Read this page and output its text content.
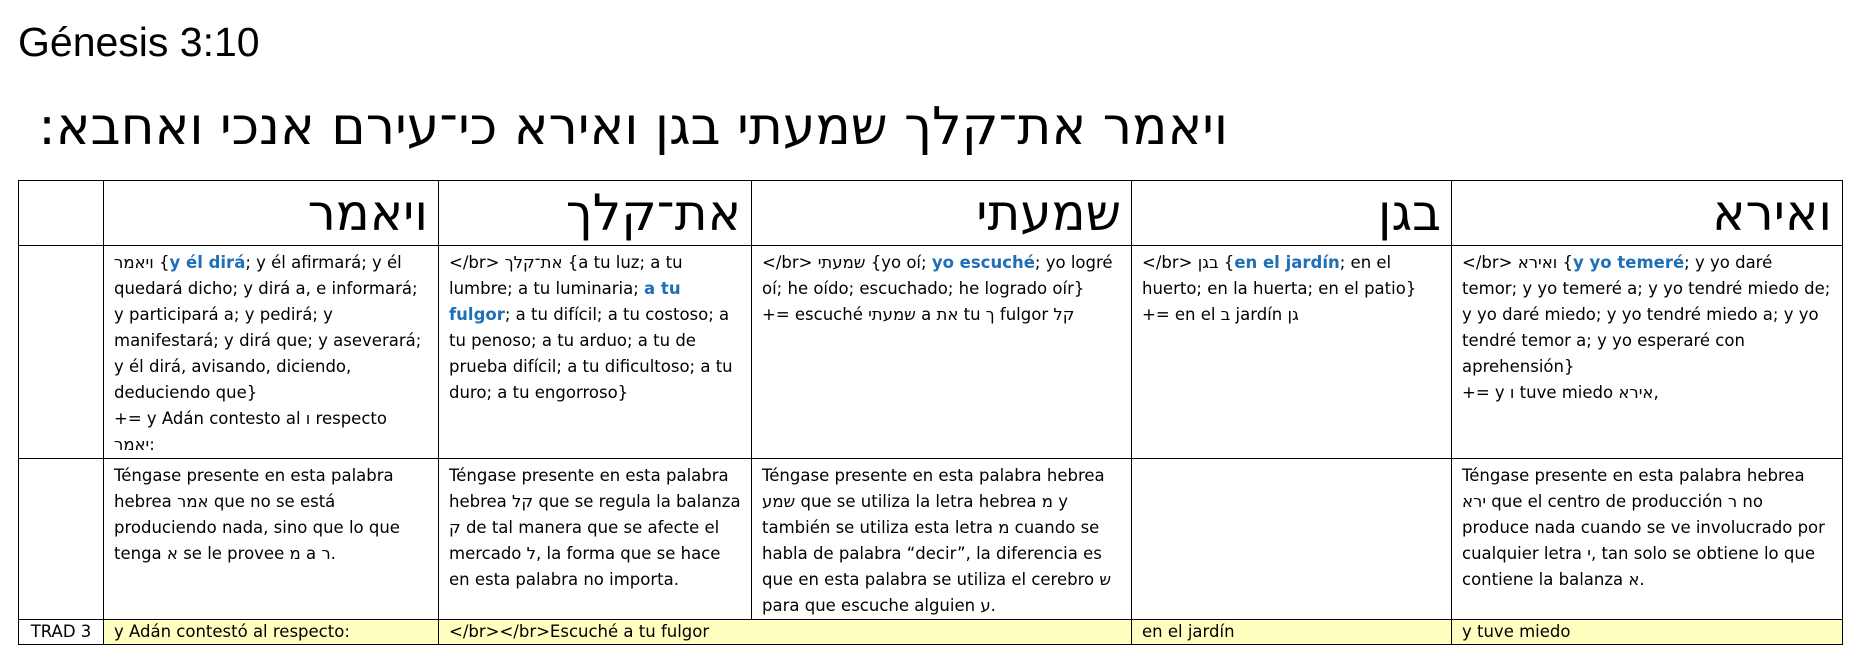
Génesis 3:10
ויאמר את־קלך שמעתי בגן ואירא כי־עירם אנכי ואחבא:
	ויאמר	את־קלך	שמעתי	בגן	ואירא
	ויאמר {y él dirá; y él afirmará; y él quedará dicho; y dirá a, e informará; y participará a; y pedirá; y manifestará; y dirá que; y aseverará; y él dirá, avisando, diciendo, deduciendo que}
+= y Adán contesto al ו respecto יאמר:	</br> את־קלך {a tu luz; a tu lumbre; a tu luminaria; a tu fulgor; a tu difícil; a tu costoso; a tu penoso; a tu arduo; a tu de prueba difícil; a tu dificultoso; a tu duro; a tu engorroso}	</br> שמעתי {yo oí; yo escuché; yo logré oí; he oído; escuchado; he logrado oír}
+= escuché שמעתי a את tu ך fulgor קל	</br> בגן {en el jardín; en el huerto; en la huerta; en el patio}
+= en el ב jardín גן	</br> ואירא {y yo temeré; y yo daré temor; y yo temeré a; y yo tendré miedo de; y yo daré miedo; y yo tendré miedo a; y yo tendré temor a; y yo esperaré con aprehensión}
+= y ו tuve miedo אירא,

	Téngase presente en esta palabra hebrea אמר que no se está produciendo nada, sino que lo que tenga א se le provee מ a ר.	Téngase presente en esta palabra hebrea קל que se regula la balanza ק de tal manera que se afecte el mercado ל, la forma que se hace en esta palabra no importa.	Téngase presente en esta palabra hebrea שמע que se utiliza la letra hebrea מ y también se utiliza esta letra מ cuando se habla de palabra “decir”, la diferencia es que en esta palabra se utiliza el cerebro ש para que escuche alguien ע.		Téngase presente en esta palabra hebrea ירא que el centro de producción ר no produce nada cuando se ve involucrado por cualquier letra י, tan solo se obtiene lo que contiene la balanza א.
TRAD 3	y Adán contestó al respecto:	</br></br>Escuché a tu fulgor		en el jardín	y tuve miedo
